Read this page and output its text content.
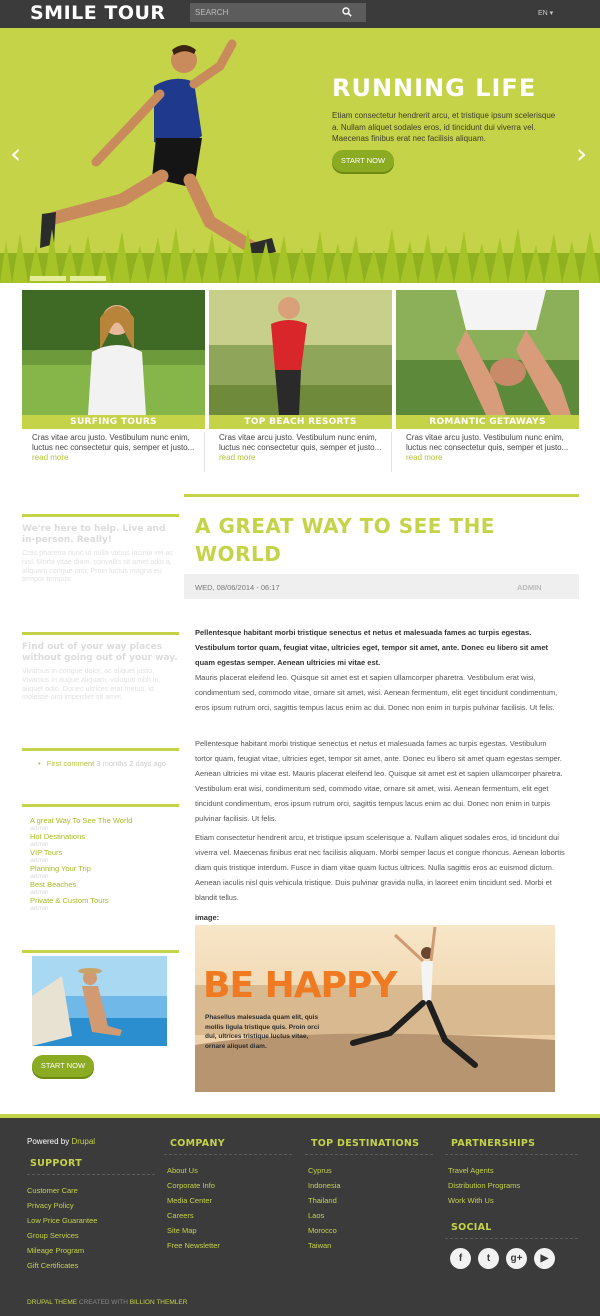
SMILE TOUR
SEARCH	EN ▾
‹	›
RUNNING LIFE
Etiam consectetur hendrerit arcu, et tristique ipsum scelerisque a. Nullam aliquet sodales eros, id tincidunt dui viverra vel. Maecenas finibus erat nec facilisis aliquam.
START NOW
SURFING TOURS
Cras vitae arcu justo. Vestibulum nunc enim, luctus nec consectetur quis, semper et justo...
read more
TOP BEACH RESORTS
Cras vitae arcu justo. Vestibulum nunc enim, luctus nec consectetur quis, semper et justo...
read more
ROMANTIC GETAWAYS
Cras vitae arcu justo. Vestibulum nunc enim, luctus nec consectetur quis, semper et justo...
read more
We're here to help. Live and in-person. Really!
Cras pharetra nunc ut nulla varius lacinia vel ac nisl. Morbi vitae diam. convallis sit amet odio a, aliquam congue orci. Proin luctus magna eu tempor tempus.
Find out of your way places without going out of your way.
Vivamus in congue dolor, ac aliquet justo. Vivamus in augue aliquam, volutpat nibh in, aliquet odio. Donec ultrices erat metus, id molestie orci imperdiet sit amet.
• First comment 3 months 2 days ago
A great Way To See The World
admin
Hot Destinations
admin
VIP Tours
admin
Planning Your Trip
admin
Best Beaches
admin
Private & Custom Tours
admin
START NOW
A GREAT WAY TO SEE THE WORLD
WED, 08/06/2014 - 06:17	ADMIN
Pellentesque habitant morbi tristique senectus et netus et malesuada fames ac turpis egestas. Vestibulum tortor quam, feugiat vitae, ultricies eget, tempor sit amet, ante. Donec eu libero sit amet quam egestas semper. Aenean ultricies mi vitae est.
Mauris placerat eleifend leo. Quisque sit amet est et sapien ullamcorper pharetra. Vestibulum erat wisi, condimentum sed, commodo vitae, ornare sit amet, wisi. Aenean fermentum, elit eget tincidunt condimentum, eros ipsum rutrum orci, sagittis tempus lacus enim ac dui. Donec non enim in turpis pulvinar facilisis. Ut felis.
Pellentesque habitant morbi tristique senectus et netus et malesuada fames ac turpis egestas. Vestibulum tortor quam, feugiat vitae, ultricies eget, tempor sit amet, ante. Donec eu libero sit amet quam egestas semper. Aenean ultricies mi vitae est. Mauris placerat eleifend leo. Quisque sit amet est et sapien ullamcorper pharetra. Vestibulum erat wisi, condimentum sed, commodo vitae, ornare sit amet, wisi. Aenean fermentum, elit eget tincidunt condimentum, eros ipsum rutrum orci, sagittis tempus lacus enim ac dui. Donec non enim in turpis pulvinar facilisis. Ut felis.
Etiam consectetur hendrerit arcu, et tristique ipsum scelerisque a. Nullam aliquet sodales eros, id tincidunt dui viverra vel. Maecenas finibus erat nec facilisis aliquam. Morbi semper lacus et congue rhoncus. Aenean lobortis diam quis tristique interdum. Fusce in diam vitae quam luctus ultrices. Nulla sagittis eros ac euismod dictum. Aenean iaculis nisl quis vehicula tristique. Duis pulvinar gravida nulla, in laoreet enim tincidunt sed. Morbi et blandit tellus.
image:
BE HAPPY
Phasellus malesuada quam elit, quis mollis ligula tristique quis. Proin orci dui, ultrices tristique luctus vitae, ornare aliquet diam.
Powered by Drupal
SUPPORT
Customer Care
Privacy Policy
Low Price Guarantee
Group Services
Mileage Program
Gift Certificates
COMPANY
About Us
Corporate Info
Media Center
Careers
Site Map
Free Newsletter
TOP DESTINATIONS
Cyprus
Indonesia
Thailand
Laos
Morocco
Taiwan
PARTNERSHIPS
Travel Agents
Distribution Programs
Work With Us
SOCIAL
f	t	g+	▶
DRUPAL THEME CREATED WITH BILLION THEMLER
